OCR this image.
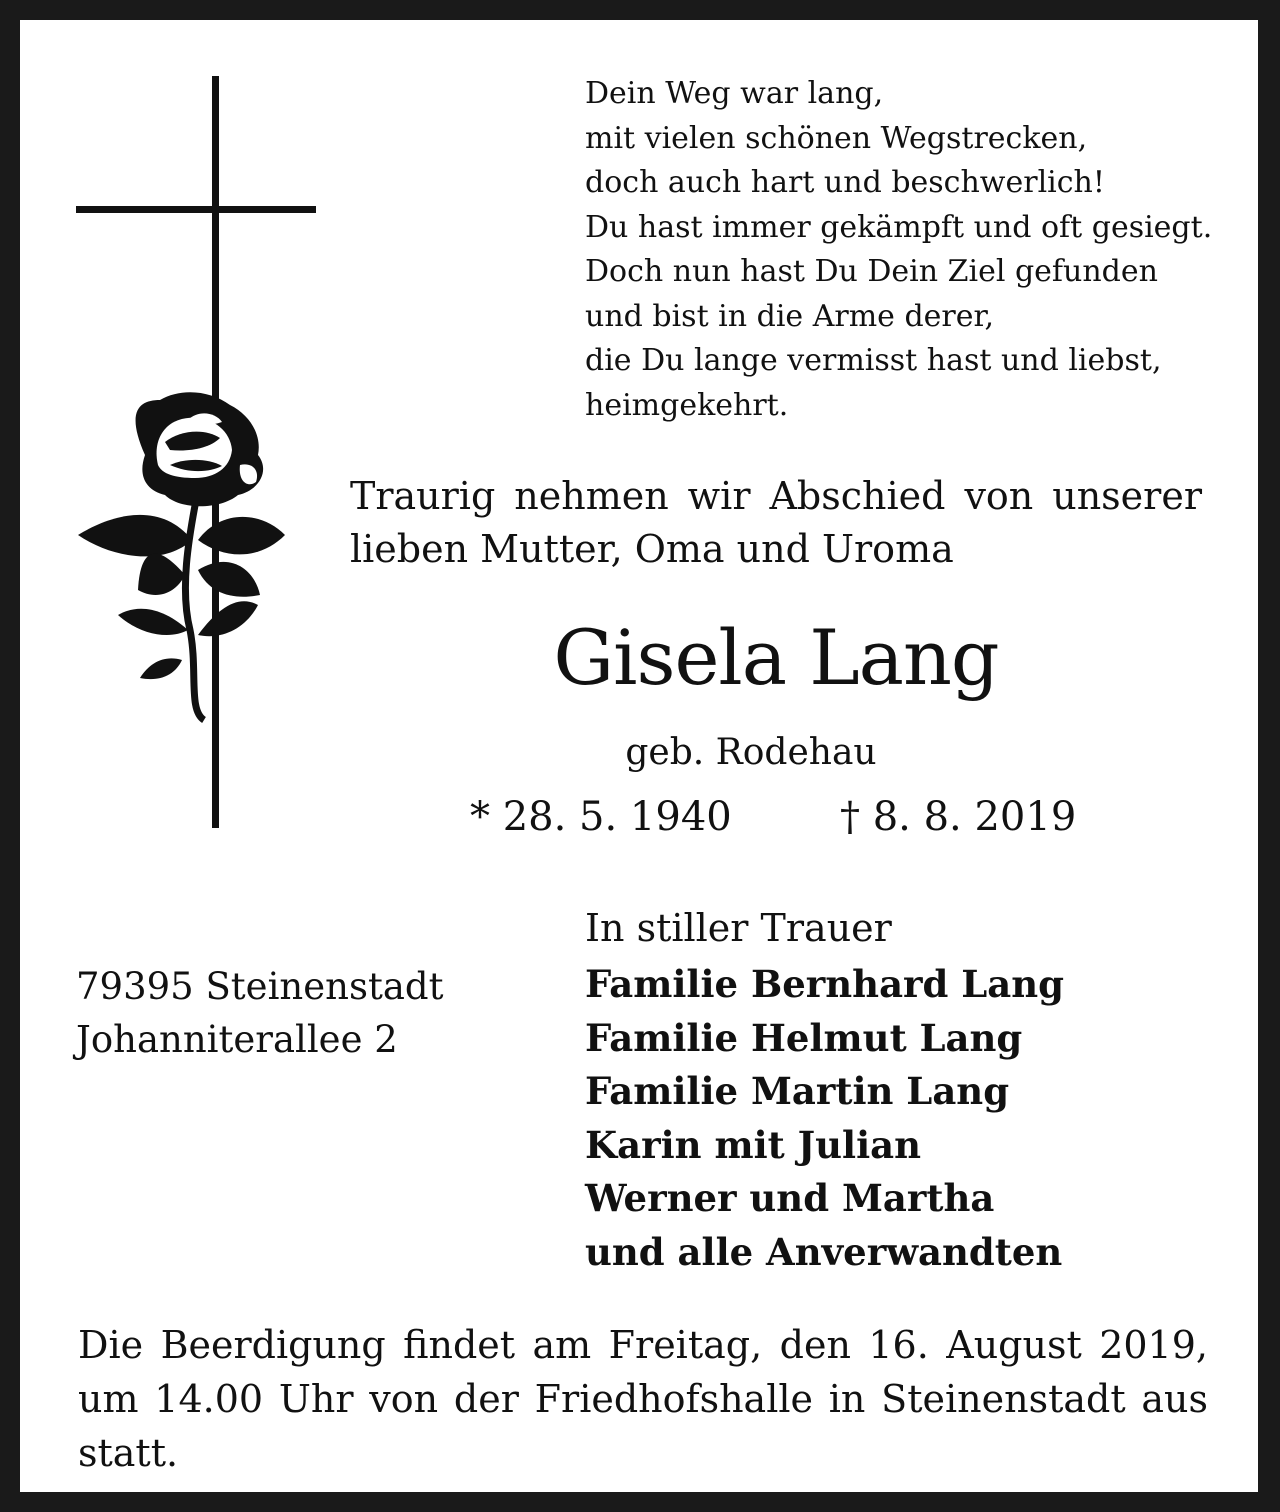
Dein Weg war lang,
mit vielen schönen Wegstrecken,
doch auch hart und beschwerlich!
Du hast immer gekämpft und oft gesiegt.
Doch nun hast Du Dein Ziel gefunden
und bist in die Arme derer,
die Du lange vermisst hast und liebst,
heimgekehrt.
Traurig nehmen wir Abschied von unserer lieben Mutter, Oma und Uroma
Gisela Lang
geb. Rodehau
* 28. 5. 1940	† 8. 8. 2019
In stiller Trauer
Familie Bernhard Lang
Familie Helmut Lang
Familie Martin Lang
Karin mit Julian
Werner und Martha
und alle Anverwandten
79395 Steinenstadt
Johanniterallee 2
Die Beerdigung findet am Freitag, den 16. August 2019, um 14.00 Uhr von der Friedhofshalle in Steinenstadt aus statt.
